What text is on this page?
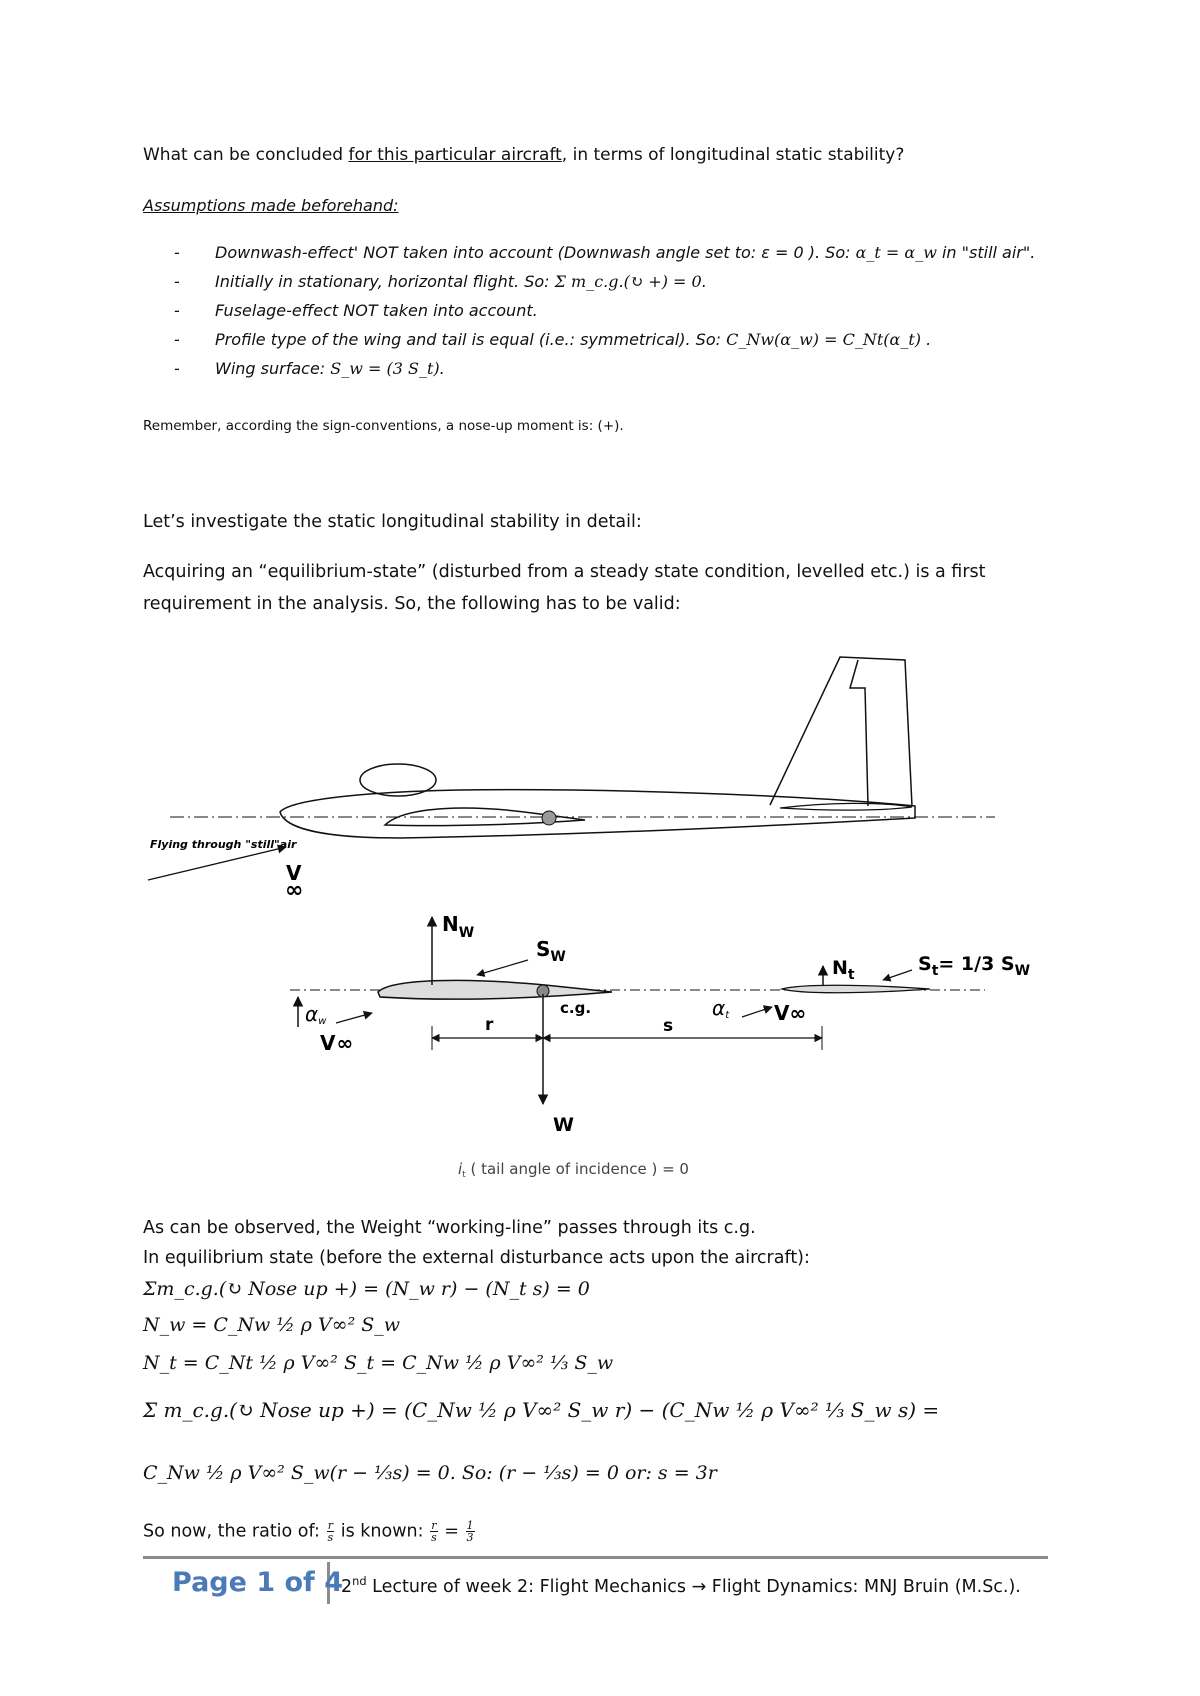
What can be concluded for this particular aircraft, in terms of longitudinal static stability?
Assumptions made beforehand:
- Downwash-effect' NOT taken into account (Downwash angle set to: ε = 0 ). So: α_t = α_w in "still air".
- Initially in stationary, horizontal flight. So: Σ m_c.g.(↻ +) = 0.
- Fuselage-effect NOT taken into account.
- Profile type of the wing and tail is equal (i.e.: symmetrical). So: C_Nw(α_w) = C_Nt(α_t) .
- Wing surface: S_w = (3 S_t).
Remember, according the sign-conventions, a nose-up moment is: (+).
Let’s investigate the static longitudinal stability in detail:
Acquiring an “equilibrium-state” (disturbed from a steady state condition, levelled etc.) is a first
requirement in the analysis. So, the following has to be valid:
Flying through "still"air
V
∞
$N_W$
$S_W$	$N_t$	$S_t= 1/3$ $S_W$
αw
V∞
αt V∞
c.g.
r	s
W
$i_t$ ( tail angle of incidence ) = 0
As can be observed, the Weight “working-line” passes through its c.g.
In equilibrium state (before the external disturbance acts upon the aircraft):
Σm_c.g.(↻ Nose up +) = (N_w r) − (N_t s) = 0
N_w = C_Nw ½ ρ V∞² S_w
N_t = C_Nt ½ ρ V∞² S_t = C_Nw ½ ρ V∞² ⅓ S_w
Σ m_c.g.(↻ Nose up +) = (C_Nw ½ ρ V∞² S_w r) − (C_Nw ½ ρ V∞² ⅓ S_w s) =
C_Nw ½ ρ V∞² S_w(r − ⅓s) = 0. So: (r − ⅓s) = 0 or: s = 3r
So now, the ratio of: $\frac{r}{s}$ is known: $\frac{r}{s} = \frac{1}{3}$
Page 1 of 4
2nd Lecture of week 2: Flight Mechanics → Flight Dynamics: MNJ Bruin (M.Sc.).
